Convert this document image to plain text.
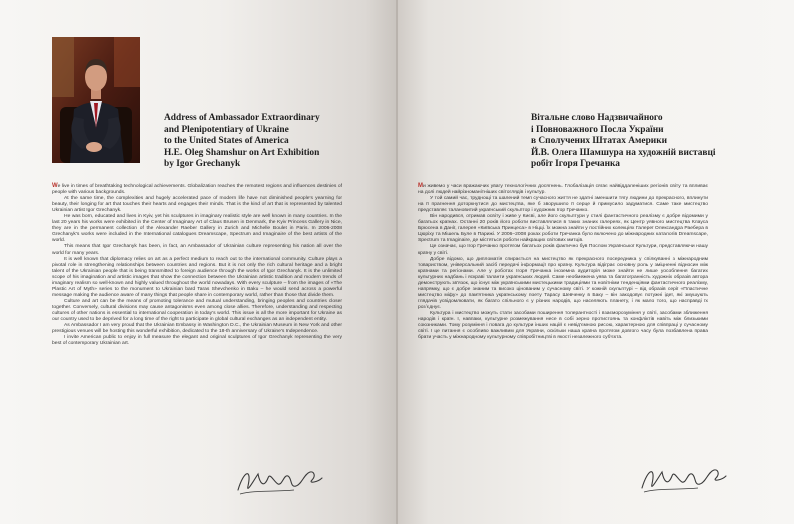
Address of Ambassador Extraordinary
and Plenipotentiary of Ukraine
to the United States of America
H.E. Oleg Shamshur on Art Exhibition
by Igor Grechanyk

We live in times of breathtaking technological achievements. Globalization reaches the remotest regions and influences destinies of people with various backgrounds.

At the same time, the complexities and hugely accelerated pace of modern life have not diminished people's yearning for beauty, their longing for art that touches their hearts and engages their minds. That is the kind of art that is represented by talented Ukrainian artist Igor Grechanyk.

He was born, educated and lives in Kyiv, yet his sculptures in imaginary realistic style are well known in many countries. In the last 20 years his works were exhibited in the Center of Imaginary Art of Claus Brusen in Denmark, the Kyiv Princess Gallery in Nice, they are in the permanent collection of the Alexander Raeber Gallery in Zurich and Michelle Boulet in Paris. In 2006-2008 Grechanyk's works were included in the International catalogues Dreamscape, Spectrum and Imaginaire of the best artists of the world.

This means that Igor Grechanyk has been, in fact, an Ambassador of Ukrainian culture representing his nation all over the world for many years.

It is well known that diplomacy relies on art as a perfect medium to reach out to the international community. Culture plays a pivotal role in strengthening relationships between countries and regions. But it is not only the rich cultural heritage and a bright talent of the Ukrainian people that is being transmitted to foreign audience through the works of Igor Grechanyk. It is the unlimited scope of his imagination and artistic images that show the connection between the Ukrainian artistic tradition and modern trends of imaginary realism so well-known and highly valued throughout the world nowadays. With every sculpture – from the images of «The Plastic Art of Myth» series to the monument to Ukrainian bard Taras Shevchenko in Baku – he would send across a powerful message making the audience aware of many things that people share in contemporary world, rather than those that divide them.

Culture and art can be the means of promoting tolerance and mutual understanding, bringing peoples and countries closer together. Conversely, cultural divisions may cause antagonisms even among close allies. Therefore, understanding and respecting cultures of other nations is essential to international cooperation in today's world. This issue is all the more important for Ukraine as our country used to be deprived for a long time of the right to participate in global cultural exchanges as an independent entity.

As Ambassador I am very proud that the Ukrainian Embassy in Washington D.C., the Ukrainian Museum in New York and other prestigious venues will be hosting this wonderful exhibition, dedicated to the 18-th anniversary of Ukraine's Independence.

I invite American public to enjoy in full measure the elegant and original sculptures of Igor Grechanyk representing the very best of contemporary Ukrainian art.

Вітальне слово Надзвичайного
і Повноважного Посла України
в Сполучених Штатах Америки
Й.В. Олега Шамшура на художній виставці
робіт Ігоря Гречанка

Ми живемо у часи вражаючих увагу технологічних досягнень. Глобалізація сягає найвіддаленіших регіонів світу та впливає на долі людей найрізноманітніших світоглядів і культур.

У той самий час, труднощі та шалений темп сучасного життя не здатні зменшити тягу людини до прекрасного, вплинути на її прагнення доторкнутися до мистецтва, яке б зворушило її серце й примусило задуматися. Саме таке мистецтво представляє талановитий український скульптор і художник Ігор Гречанко.

Він народився, отримав освіту і живе у Києві, але його скульптури у стилі фантастичного реалізму є добре відомими у багатьох країнах. Останні 20 років його роботи виставлялися в таких знаних галереях, як Центр уявного мистецтва Клауса Брюсена в Данії, галерея «Київська Принцеса» в Ніцці. Їх можна знайти у постійних колекціях Галереї Олександра Раебера в Цюріху та Мішель Буле в Парижі. У 2006–2008 роках роботи Гречанка було включено до міжнародних каталогів Dreamscape, Spectrum та Imaginaire, де містяться роботи найкращих світових митців.

Це означає, що Ігор Гречанко протягом багатьох років фактично був Послом Української Культури, представляючи нашу країну у світі.

Добре відомо, що дипломатія спирається на мистецтво як прекрасного посередника у спілкуванні з міжнародним товариством, універсальний засіб передачі інформації про країну. Культура відіграє основну роль у зміцненні відносин між країнами та регіонами. Але у роботах Ігоря Гречанка іноземна аудиторія може знайти не лише уособлення багатих культурних надбань і яскраві таланти українських людей. Саме необмежена уява та багатогранність художніх образів автора демонструють зв'язок, що існує між українськими мистецькими традиціями та новітніми тенденціями фантастичного реалізму, напрямку, що є добре знаним та високо цінованим у сучасному світі. У кожній скульптурі – від образів серії «Пластичне мистецтво міфу» до пам'ятника українському поету Тарасу Шевченку в Баку – він закодовує потужні ідеї, які змушують глядачів усвідомлювати, як багато спільного є у різних народів, що населяють планету, і як мало того, що насправді їх розʼєднує.

Культура і мистецтво можуть стати засобами поширення толерантності і взаєморозуміння у світі, засобами зближення народів і країн. І, навпаки, культурне розмежування несе в собі зерно протистоянь та конфліктів навіть між близькими союзниками. Тому розуміння і повага до культури інших націй є невід'ємною рисою, характерною для співпраці у сучасному світі. І це питання є особливо важливим для України, оскільки наша країна протягом довгого часу була позбавлена права брати участь у міжнародному культурному співробітництві в якості незалежного суб'єкта.
